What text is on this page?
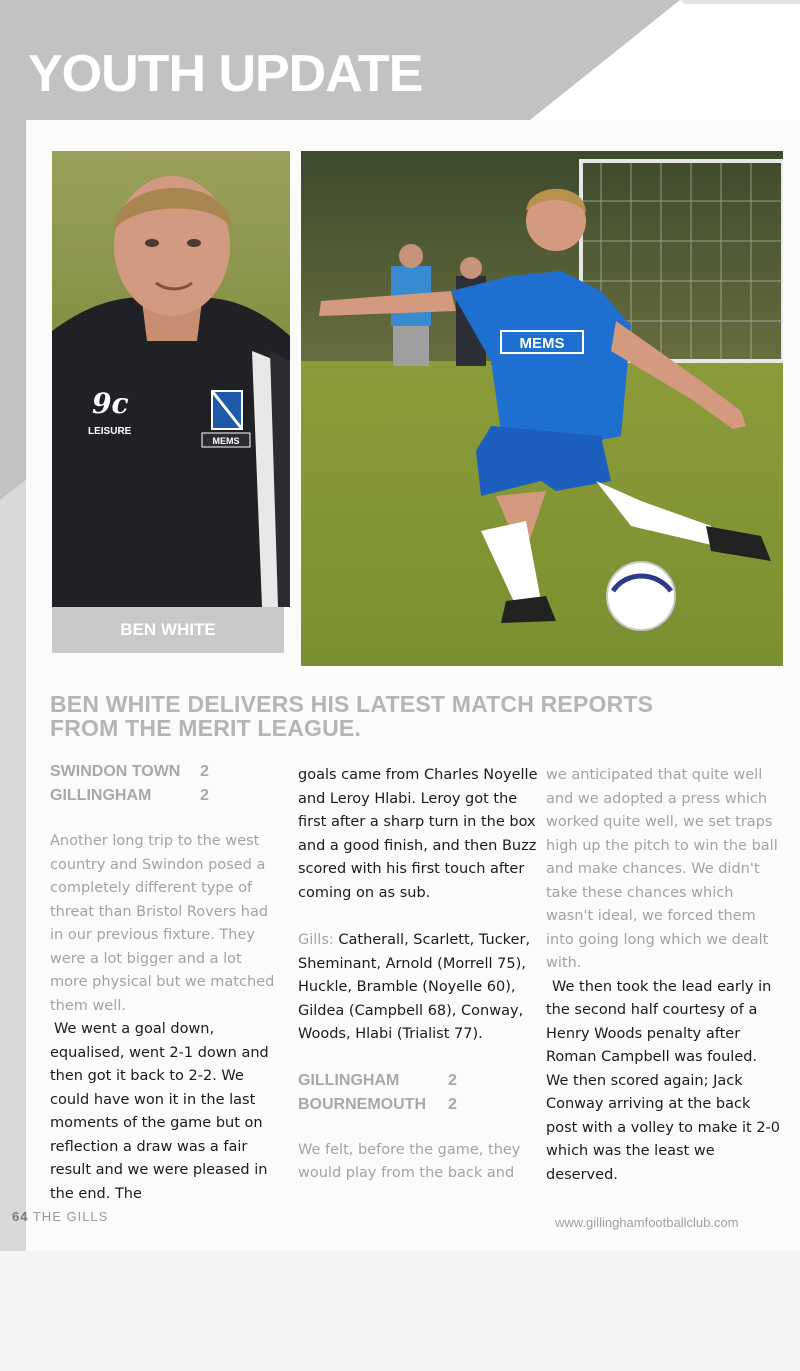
YOUTH UPDATE
MEMS
9c
LEISURE
BEN WHITE
MEMS
BEN WHITE DELIVERS HIS LATEST MATCH REPORTS
FROM THE MERIT LEAGUE.
SWINDON TOWN	2
GILLINGHAM	2

Another long trip to the west country and Swindon posed a completely different type of threat than Bristol Rovers had in our previous fixture. They were a lot bigger and a lot more physical but we matched them well.

We went a goal down, equalised, went 2-1 down and then got it back to 2-2. We could have won it in the last moments of the game but on reflection a draw was a fair result and we were pleased in the end. The

goals came from Charles Noyelle and Leroy Hlabi. Leroy got the first after a sharp turn in the box and a good finish, and then Buzz scored with his first touch after coming on as sub.

Gills: Catherall, Scarlett, Tucker, Sheminant, Arnold (Morrell 75), Huckle, Bramble (Noyelle 60), Gildea (Campbell 68), Conway, Woods, Hlabi (Trialist 77).

GILLINGHAM	2
BOURNEMOUTH	2

We felt, before the game, they would play from the back and

we anticipated that quite well and we adopted a press which worked quite well, we set traps high up the pitch to win the ball and make chances. We didn't take these chances which wasn't ideal, we forced them into going long which we dealt with.

We then took the lead early in the second half courtesy of a Henry Woods penalty after Roman Campbell was fouled. We then scored again; Jack Conway arriving at the back post with a volley to make it 2-0 which was the least we deserved.

64 THE GILLS	www.gillinghamfootballclub.com
